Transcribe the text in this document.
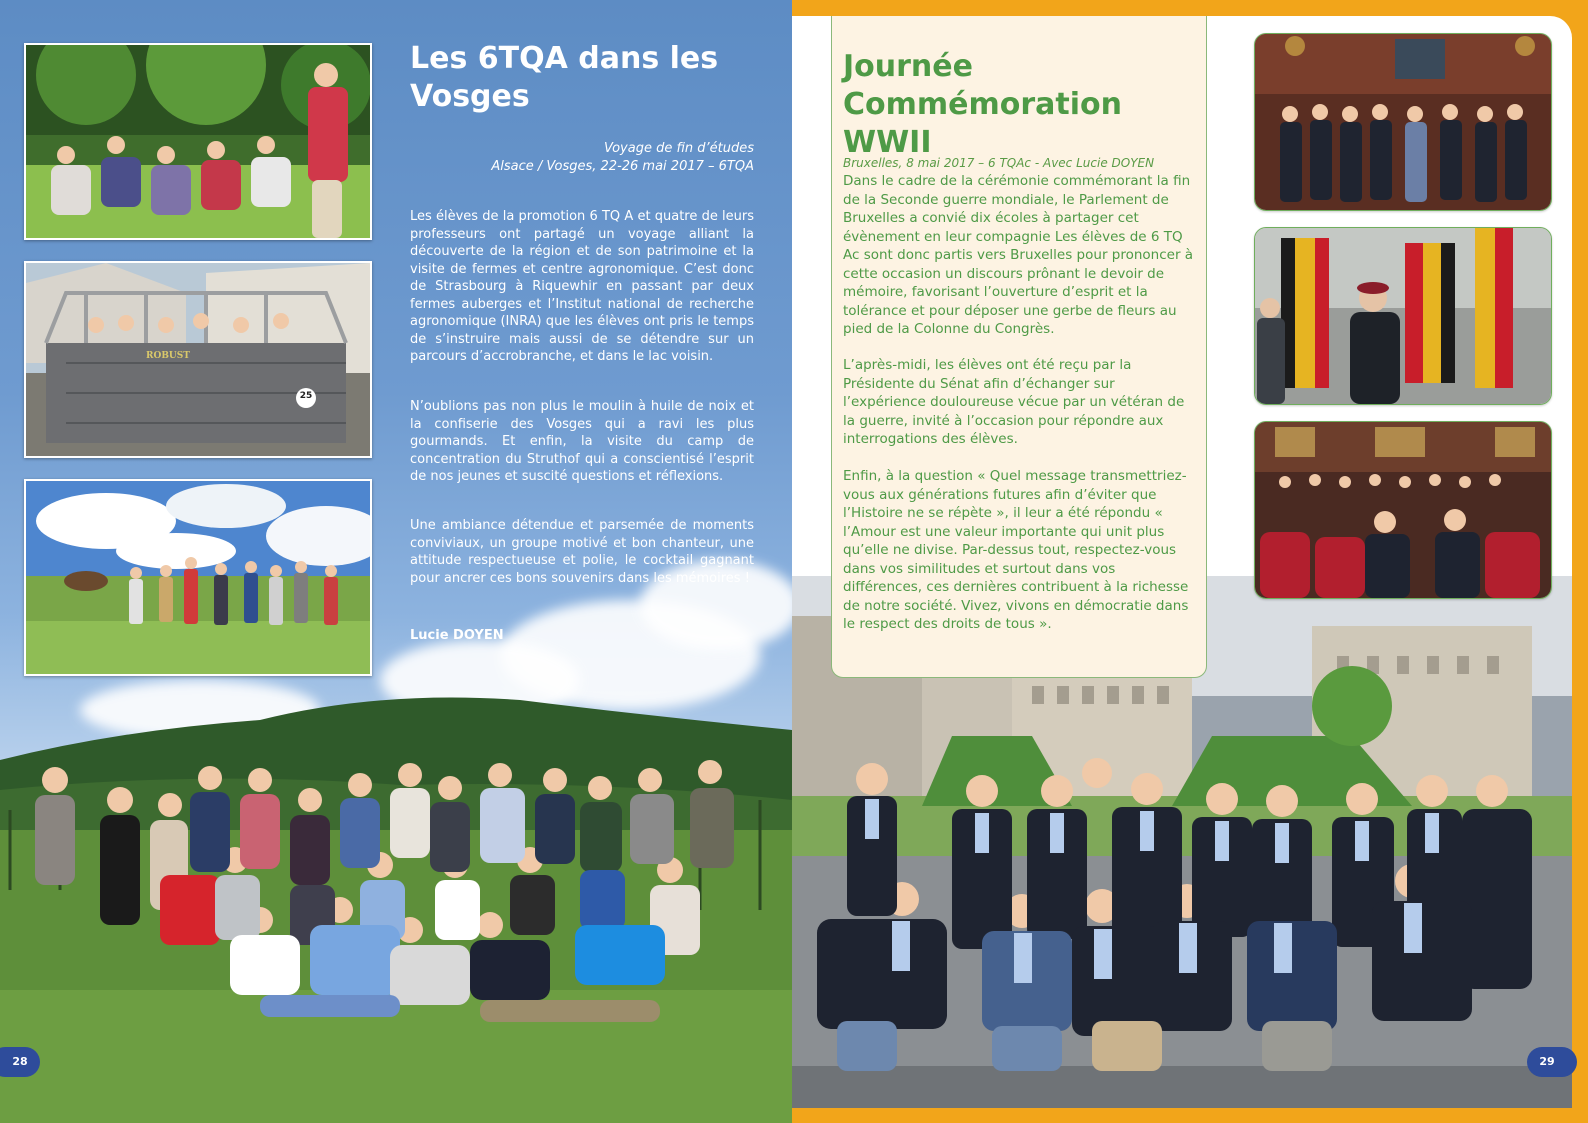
ROBUST
25
Les 6TQA dans les Vosges
Voyage de fin d’études
Alsace / Vosges, 22-26 mai 2017 – 6TQA

Les élèves de la promotion 6 TQ A et quatre de leurs professeurs ont partagé un voyage alliant la découverte de la région et de son patrimoine et la visite de fermes et centre agronomique. C’est donc de Strasbourg à Riquewhir en passant par deux fermes auberges et l’Institut national de recherche agronomique (INRA) que les élèves ont pris le temps de s’instruire mais aussi de se détendre sur un parcours d’accrobranche, et dans le lac voisin.

N’oublions pas non plus le moulin à huile de noix et la confiserie des Vosges qui a ravi les plus gourmands. Et enfin, la visite du camp de concentration du Struthof qui a conscientisé l’esprit de nos jeunes et suscité questions et réflexions.

Une ambiance détendue et parsemée de moments conviviaux, un groupe motivé et bon chanteur, une attitude respectueuse et polie, le cocktail gagnant pour ancrer ces bons souvenirs dans les mémoires !

Lucie DOYEN
28
Journée Commémoration WWII
Bruxelles, 8 mai 2017 – 6 TQAc - Avec Lucie DOYEN

Dans le cadre de la cérémonie commémorant la fin de la Seconde guerre mondiale, le Parlement de Bruxelles a convié dix écoles à partager cet évènement en leur compagnie Les élèves de 6 TQ Ac sont donc partis vers Bruxelles pour prononcer à cette occasion un discours prônant le devoir de mémoire, favorisant l’ouverture d’esprit et la tolérance et pour déposer une gerbe de fleurs au pied de la Colonne du Congrès.

L’après-midi, les élèves ont été reçu par la Présidente du Sénat afin d’échanger sur l’expérience douloureuse vécue par un vétéran de la guerre, invité à l’occasion pour répondre aux interrogations des élèves.

Enfin, à la question « Quel message transmettriez-vous aux générations futures afin d’éviter que l’Histoire ne se répète », il leur a été répondu « l’Amour est une valeur importante qui unit plus qu’elle ne divise. Par-dessus tout, respectez-vous dans vos similitudes et surtout dans vos différences, ces dernières contribuent à la richesse de notre société. Vivez, vivons en démocratie dans le respect des droits de tous ».

29
